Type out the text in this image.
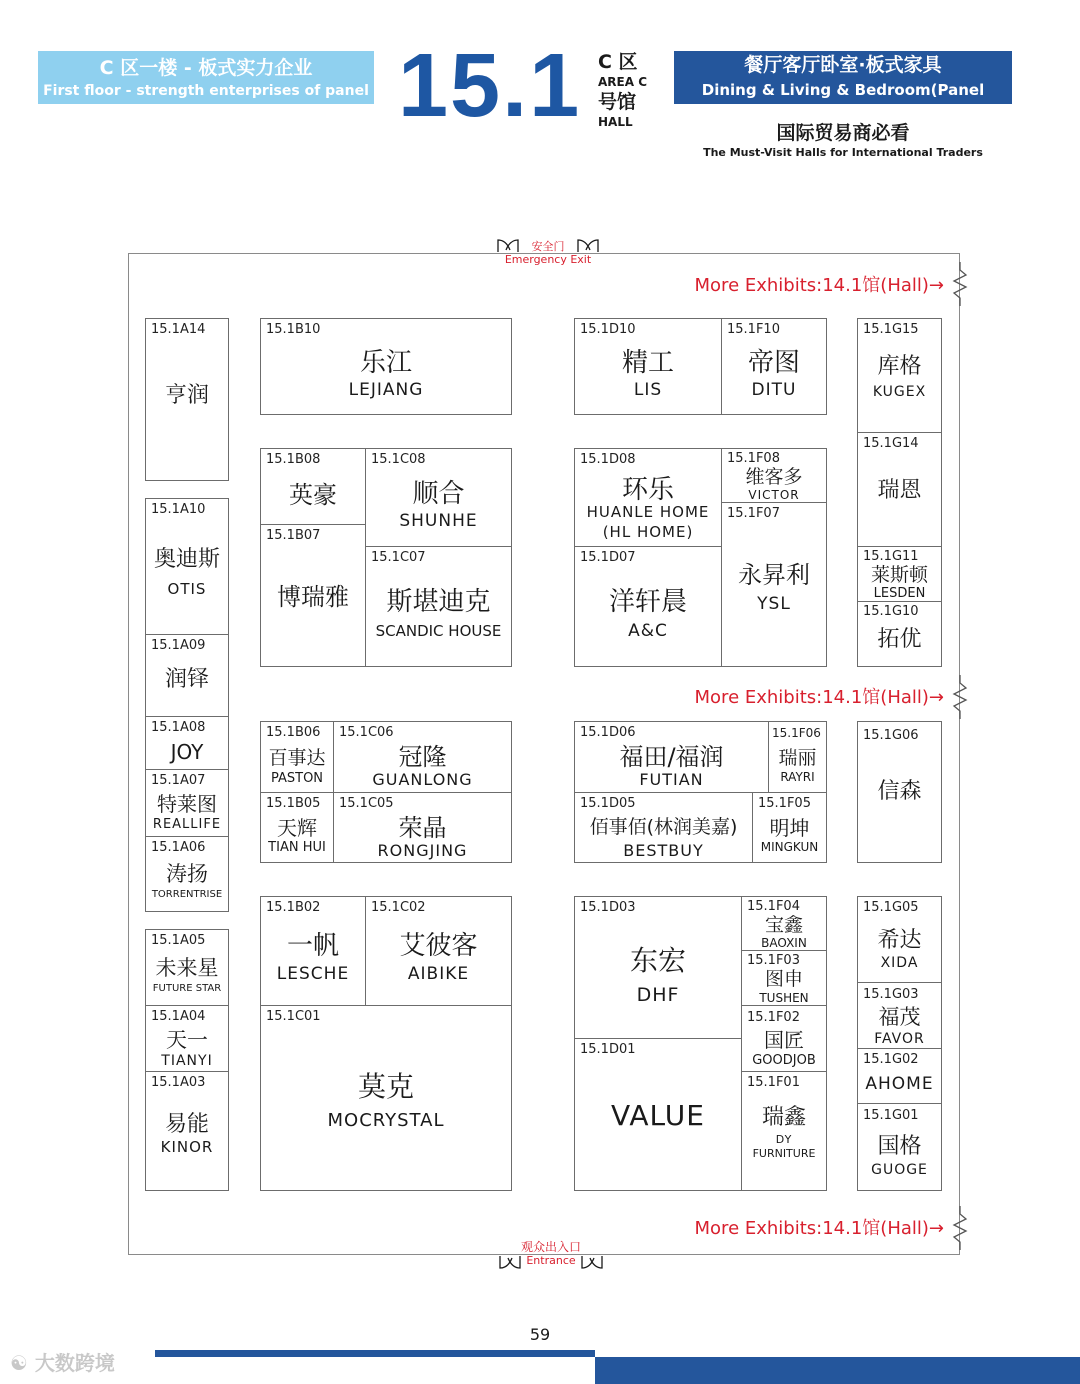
C 区一楼 - 板式实力企业
First floor - strength enterprises of panel 15.1 C 区
AREA C
号馆
HALL
餐厅客厅卧室·板式家具
Dining & Living & Bedroom(Panel Wood)
国际贸易商必看
The Must-Visit Halls for International Traders
安全门
Emergency Exit
观众出入口
Entrance
More Exhibits:14.1馆(Hall)→
More Exhibits:14.1馆(Hall)→
More Exhibits:14.1馆(Hall)→
15.1A14
亨润
15.1A10
奥迪斯
OTIS
15.1A09
润铎
15.1A08
JOY
15.1A07
特莱图
REALLIFE
15.1A06
涛扬
TORRENTRISE
15.1A05
未来星
FUTURE STAR
15.1A04
天一
TIANYI
15.1A03
易能
KINOR
15.1B10
乐江
LEJIANG
15.1B08
英豪
15.1C08
顺合
SHUNHE
15.1B07
博瑞雅
15.1C07
斯堪迪克
SCANDIC HOUSE
15.1B06
百事达
PASTON
15.1C06
冠隆
GUANLONG
15.1B05
天辉
TIAN HUI
15.1C05
荣晶
RONGJING
15.1B02
一帆
LESCHE
15.1C02
艾彼客
AIBIKE
15.1C01
莫克
MOCRYSTAL
15.1D10
精工
LIS
15.1F10
帝图
DITU
15.1D08
环乐
HUANLE HOME
(HL HOME)
15.1F08
维客多
VICTOR
15.1F07
永昇利
YSL
15.1D07
洋轩晨
A&C
15.1D06
福田/福润
FUTIAN
15.1F06
瑞丽
RAYRI
15.1D05
佰事佰(林润美嘉)
BESTBUY
15.1F05
明坤
MINGKUN
15.1D03
东宏
DHF
15.1F04
宝鑫
BAOXIN
15.1F03
图申
TUSHEN
15.1F02
国匠
GOODJOB
15.1D01
VALUE
15.1F01
瑞鑫
DY
FURNITURE
15.1G15
库格
KUGEX
15.1G14
瑞恩
15.1G11
莱斯顿
LESDEN
15.1G10
拓优
15.1G06
信森
15.1G05
希达
XIDA
15.1G03
福茂
FAVOR
15.1G02
AHOME
15.1G01
国格
GUOGE
59
☯ 大数跨境
